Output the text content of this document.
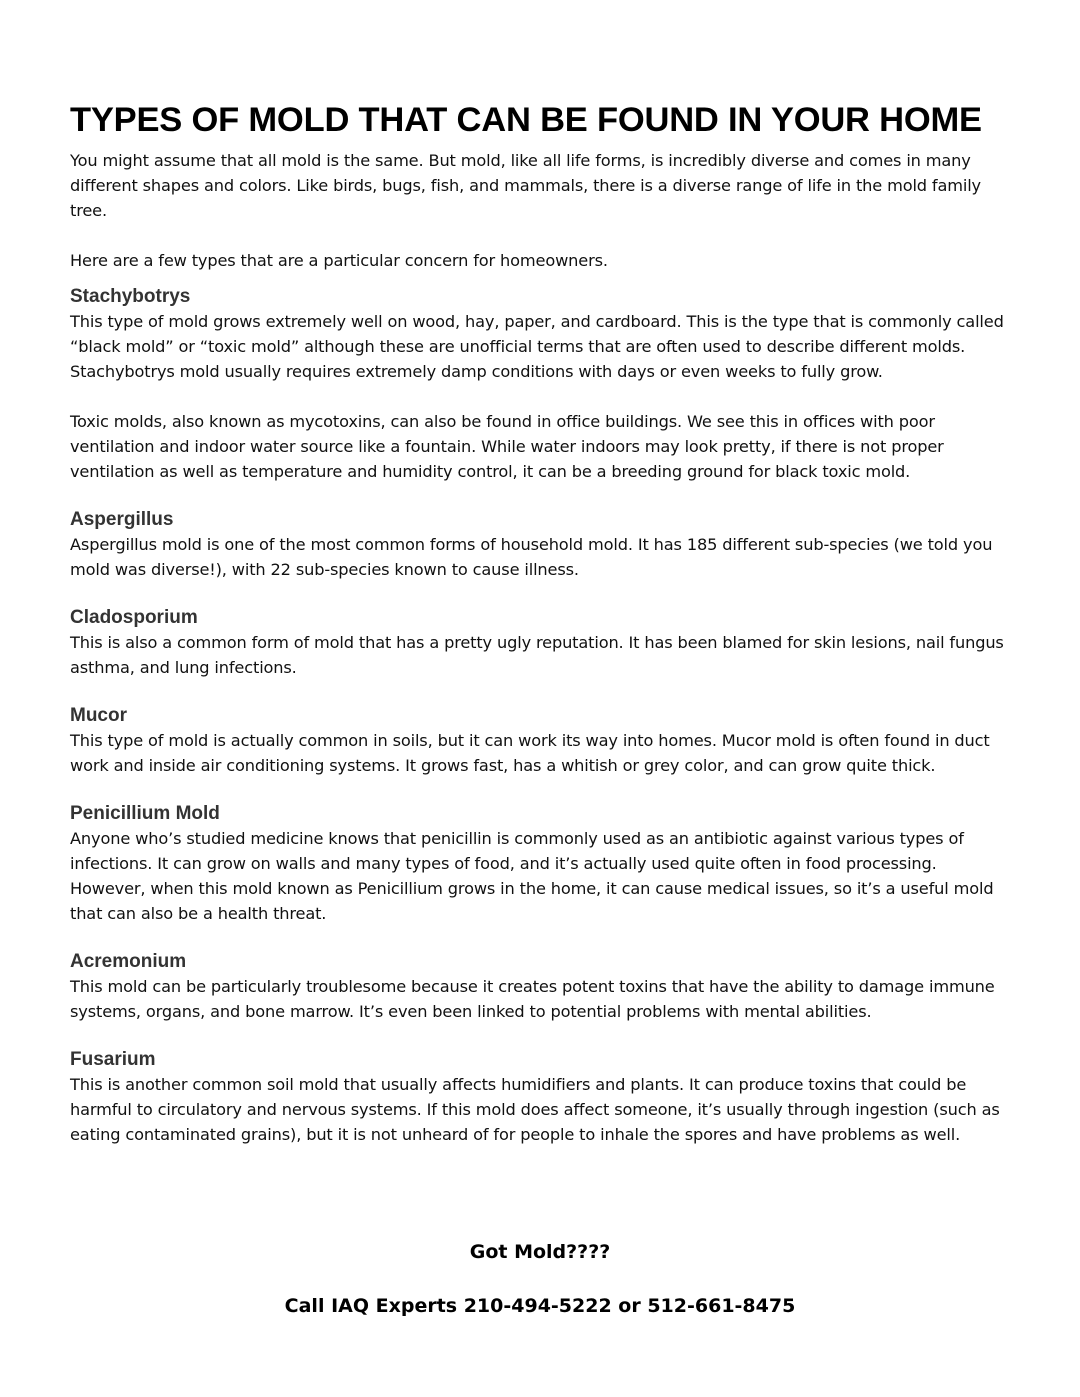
TYPES OF MOLD THAT CAN BE FOUND IN YOUR HOME

You might assume that all mold is the same. But mold, like all life forms, is incredibly diverse and comes in many different shapes and colors. Like birds, bugs, fish, and mammals, there is a diverse range of life in the mold family tree.

Here are a few types that are a particular concern for homeowners.

Stachybotrys

This type of mold grows extremely well on wood, hay, paper, and cardboard. This is the type that is commonly called “black mold” or “toxic mold” although these are unofficial terms that are often used to describe different molds. Stachybotrys mold usually requires extremely damp conditions with days or even weeks to fully grow.

Toxic molds, also known as mycotoxins, can also be found in office buildings. We see this in offices with poor ventilation and indoor water source like a fountain. While water indoors may look pretty, if there is not proper ventilation as well as temperature and humidity control, it can be a breeding ground for black toxic mold.

Aspergillus

Aspergillus mold is one of the most common forms of household mold. It has 185 different sub-species (we told you mold was diverse!), with 22 sub-species known to cause illness.

Cladosporium

This is also a common form of mold that has a pretty ugly reputation. It has been blamed for skin lesions, nail fungus asthma, and lung infections.

Mucor

This type of mold is actually common in soils, but it can work its way into homes. Mucor mold is often found in duct work and inside air conditioning systems. It grows fast, has a whitish or grey color, and can grow quite thick.

Penicillium Mold

Anyone who’s studied medicine knows that penicillin is commonly used as an antibiotic against various types of infections. It can grow on walls and many types of food, and it’s actually used quite often in food processing. However, when this mold known as Penicillium grows in the home, it can cause medical issues, so it’s a useful mold that can also be a health threat.

Acremonium

This mold can be particularly troublesome because it creates potent toxins that have the ability to damage immune systems, organs, and bone marrow. It’s even been linked to potential problems with mental abilities.

Fusarium

This is another common soil mold that usually affects humidifiers and plants. It can produce toxins that could be harmful to circulatory and nervous systems. If this mold does affect someone, it’s usually through ingestion (such as eating contaminated grains), but it is not unheard of for people to inhale the spores and have problems as well.

Got Mold????
Call IAQ Experts 210-494-5222 or 512-661-8475
